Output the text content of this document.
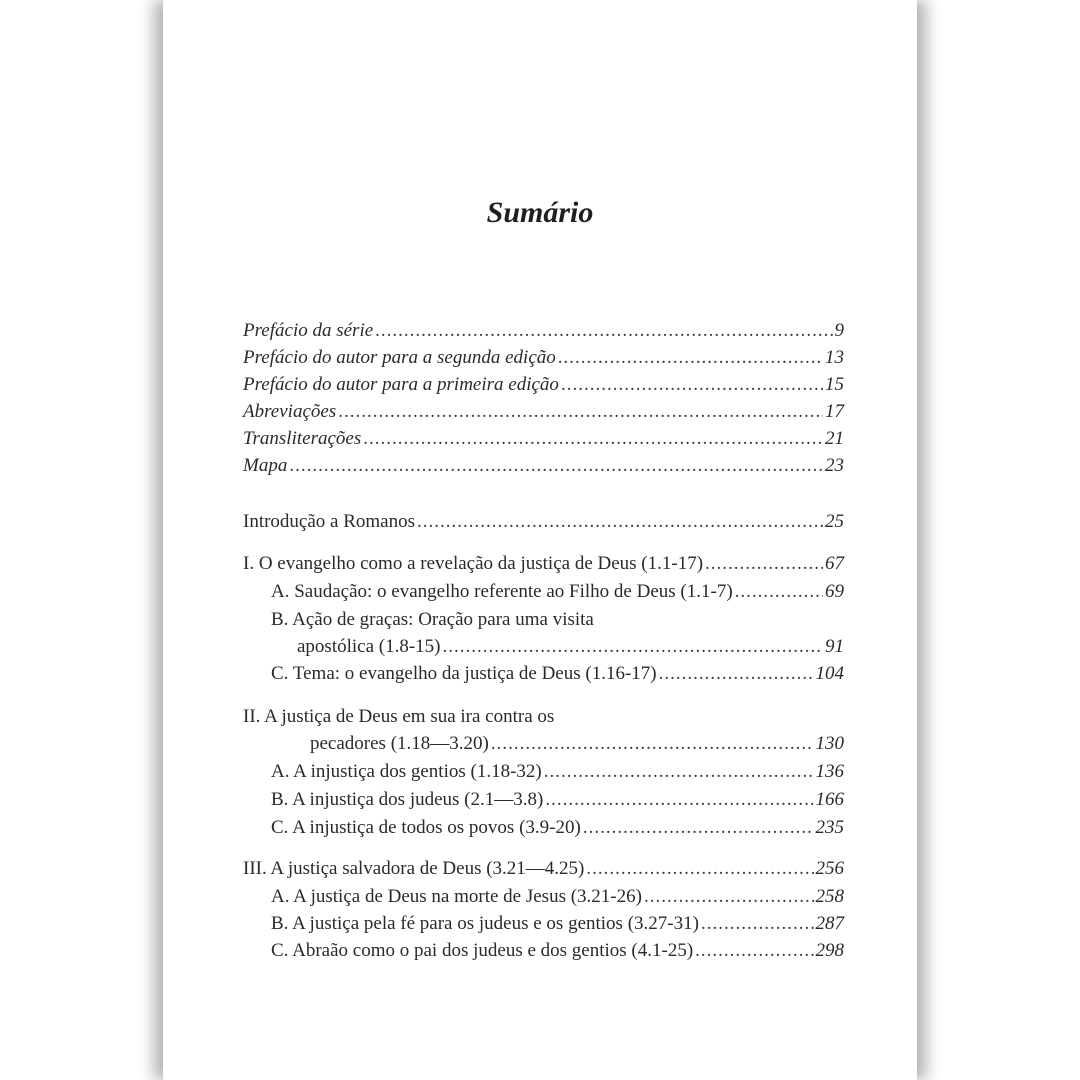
Sumário
Prefácio da série .....	9
Prefácio do autor para a segunda edição .....	13
Prefácio do autor para a primeira edição .....	15
Abreviações .....	17
Transliterações .....	21
Mapa .....	23
Introdução a Romanos .....	25
I. O evangelho como a revelação da justiça de Deus (1.1-17) .....	67
A. Saudação: o evangelho referente ao Filho de Deus (1.1-7) .....	69
B. Ação de graças: Oração para uma visita
apostólica (1.8-15) .....	91
C. Tema: o evangelho da justiça de Deus (1.16-17) .....	104
II. A justiça de Deus em sua ira contra os
pecadores (1.18—3.20) .....	130
A. A injustiça dos gentios (1.18-32) .....	136
B. A injustiça dos judeus (2.1—3.8) .....	166
C. A injustiça de todos os povos (3.9-20) .....	235
III. A justiça salvadora de Deus (3.21—4.25) .....	256
A. A justiça de Deus na morte de Jesus (3.21-26) .....	258
B. A justiça pela fé para os judeus e os gentios (3.27-31) .....	287
C. Abraão como o pai dos judeus e dos gentios (4.1-25) .....	298
